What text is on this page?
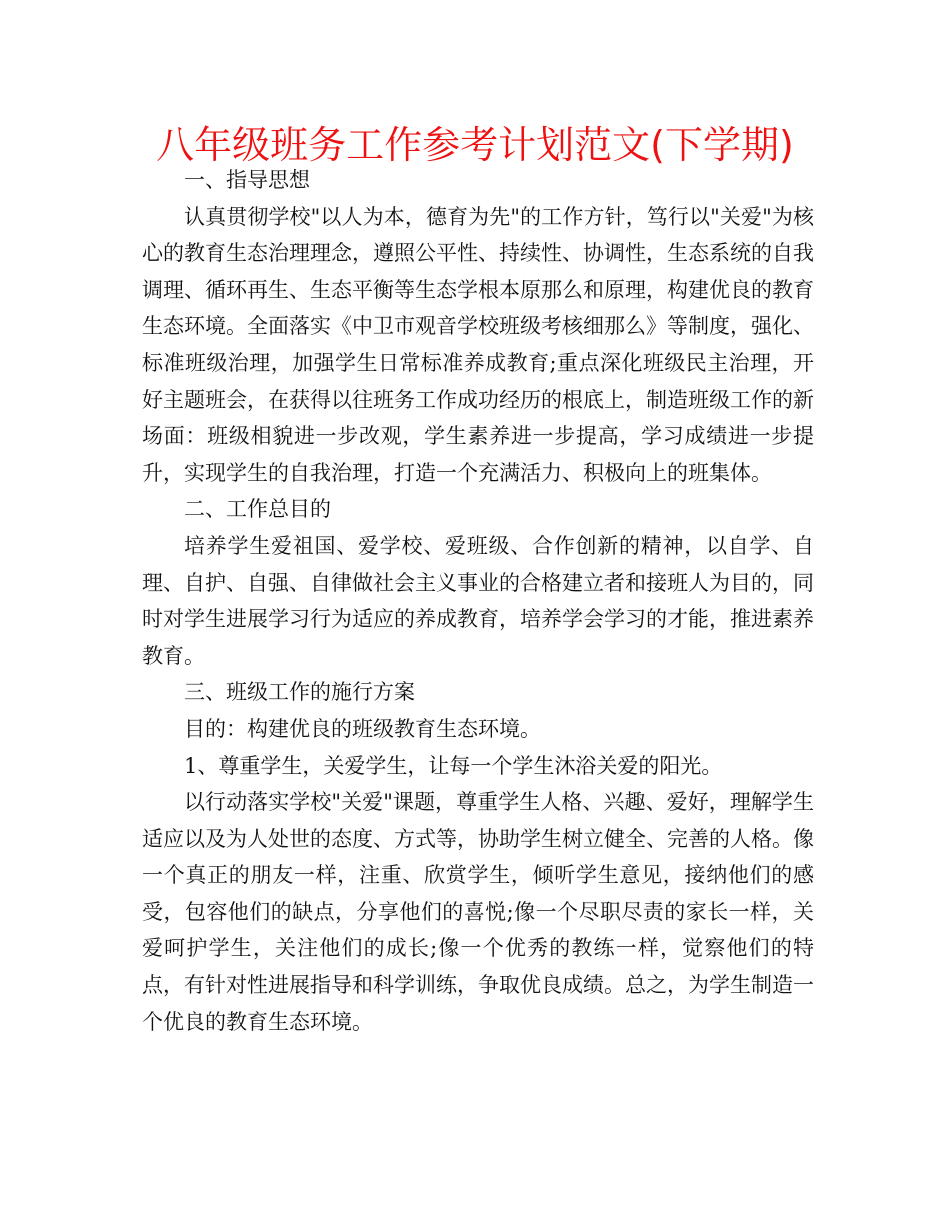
八年级班务工作参考计划范文(下学期)

一、指导思想

认真贯彻学校"以人为本，德育为先"的工作方针，笃行以"关爱"为核心的教育生态治理理念，遵照公平性、持续性、协调性，生态系统的自我调理、循环再生、生态平衡等生态学根本原那么和原理，构建优良的教育生态环境。全面落实《中卫市观音学校班级考核细那么》等制度，强化、标准班级治理，加强学生日常标准养成教育;重点深化班级民主治理，开好主题班会，在获得以往班务工作成功经历的根底上，制造班级工作的新场面：班级相貌进一步改观，学生素养进一步提高，学习成绩进一步提升，实现学生的自我治理，打造一个充满活力、积极向上的班集体。

二、工作总目的

培养学生爱祖国、爱学校、爱班级、合作创新的精神，以自学、自理、自护、自强、自律做社会主义事业的合格建立者和接班人为目的，同时对学生进展学习行为适应的养成教育，培养学会学习的才能，推进素养教育。

三、班级工作的施行方案

目的：构建优良的班级教育生态环境。

1、尊重学生，关爱学生，让每一个学生沐浴关爱的阳光。

以行动落实学校"关爱"课题，尊重学生人格、兴趣、爱好，理解学生适应以及为人处世的态度、方式等，协助学生树立健全、完善的人格。像一个真正的朋友一样，注重、欣赏学生，倾听学生意见，接纳他们的感受，包容他们的缺点，分享他们的喜悦;像一个尽职尽责的家长一样，关爱呵护学生，关注他们的成长;像一个优秀的教练一样，觉察他们的特点，有针对性进展指导和科学训练，争取优良成绩。总之，为学生制造一个优良的教育生态环境。
